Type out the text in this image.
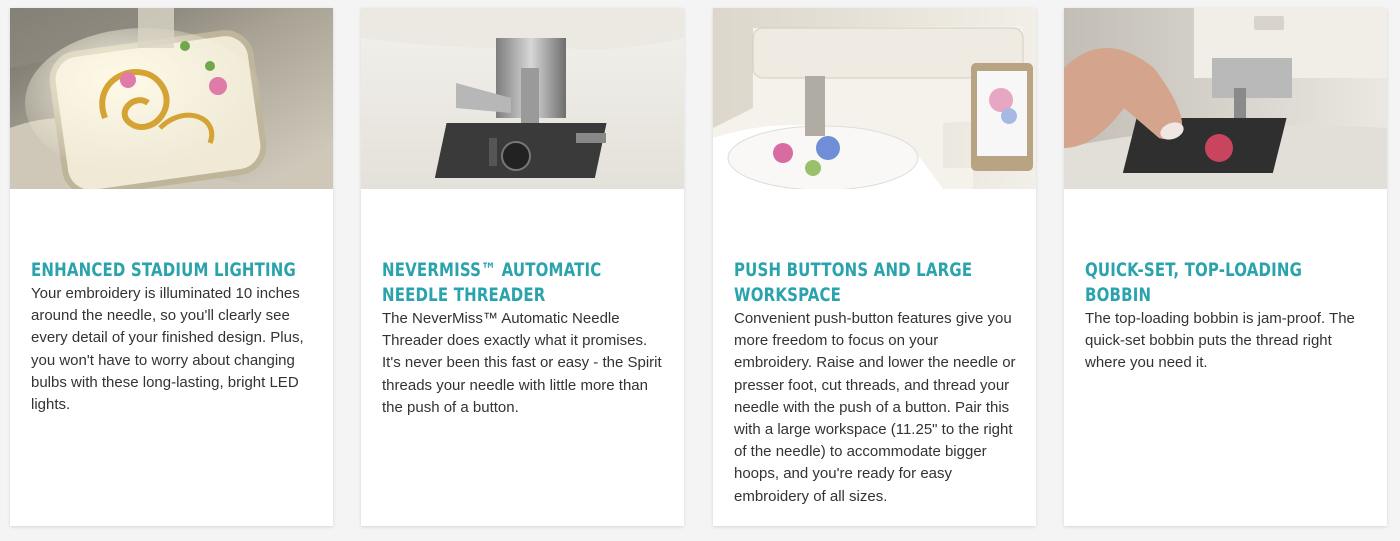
ENHANCED STADIUM LIGHTING
Your embroidery is illuminated 10 inches around the needle, so you'll clearly see every detail of your finished design. Plus, you won't have to worry about changing bulbs with these long-lasting, bright LED lights.
NEVERMISS™ AUTOMATIC NEEDLE THREADER
The NeverMiss™ Automatic Needle Threader does exactly what it promises. It's never been this fast or easy - the Spirit threads your needle with little more than the push of a button.
PUSH BUTTONS AND LARGE WORKSPACE
Convenient push-button features give you more freedom to focus on your embroidery. Raise and lower the needle or presser foot, cut threads, and thread your needle with the push of a button. Pair this with a large workspace (11.25" to the right of the needle) to accommodate bigger hoops, and you're ready for easy embroidery of all sizes.
QUICK-SET, TOP-LOADING BOBBIN
The top-loading bobbin is jam-proof. The quick-set bobbin puts the thread right where you need it.
